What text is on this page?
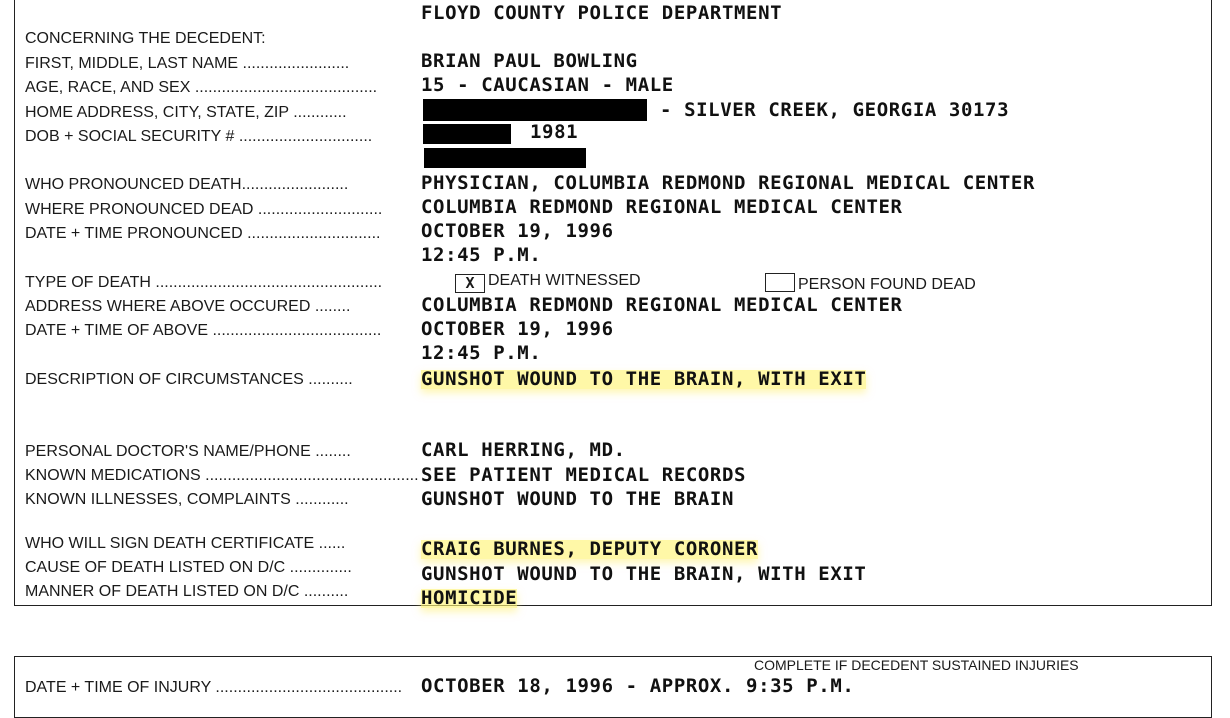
FLOYD COUNTY POLICE DEPARTMENT
CONCERNING THE DECEDENT:
FIRST, MIDDLE, LAST NAME ........................	BRIAN PAUL BOWLING
AGE, RACE, AND SEX ......................................... 15 - CAUCASIAN - MALE
HOME ADDRESS, CITY, STATE, ZIP ............	- SILVER CREEK, GEORGIA 30173
DOB + SOCIAL SECURITY # ..............................	1981
WHO PRONOUNCED DEATH........................	PHYSICIAN, COLUMBIA REDMOND REGIONAL MEDICAL CENTER
WHERE PRONOUNCED DEAD ............................ COLUMBIA REDMOND REGIONAL MEDICAL CENTER
DATE + TIME PRONOUNCED .............................. OCTOBER 19, 1996
12:45 P.M.
TYPE OF DEATH ...................................................	X DEATH WITNESSED	PERSON FOUND DEAD
ADDRESS WHERE ABOVE OCCURED ........	COLUMBIA REDMOND REGIONAL MEDICAL CENTER
DATE + TIME OF ABOVE ...................................... OCTOBER 19, 1996
12:45 P.M.
DESCRIPTION OF CIRCUMSTANCES ..........	GUNSHOT WOUND TO THE BRAIN, WITH EXIT
PERSONAL DOCTOR'S NAME/PHONE ........	CARL HERRING, MD.
KNOWN MEDICATIONS ................................................ SEE PATIENT MEDICAL RECORDS
KNOWN ILLNESSES, COMPLAINTS ............	GUNSHOT WOUND TO THE BRAIN
WHO WILL SIGN DEATH CERTIFICATE ......	CRAIG BURNES, DEPUTY CORONER
CAUSE OF DEATH LISTED ON D/C ..............	GUNSHOT WOUND TO THE BRAIN, WITH EXIT
MANNER OF DEATH LISTED ON D/C ..........	HOMICIDE
COMPLETE IF DECEDENT SUSTAINED INJURIES
DATE + TIME OF INJURY .......................................... OCTOBER 18, 1996 - APPROX. 9:35 P.M.
